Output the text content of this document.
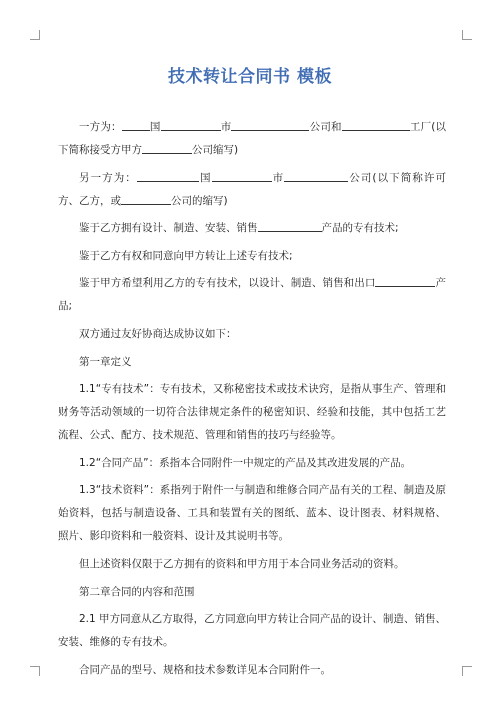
技术转让合同书 模板
一方为：	国	市	公司和	工厂(以下简称接受方甲方	公司缩写)
另一方为：	国	市	公司(以下简称许可方、乙方，或	公司的缩写)
鉴于乙方拥有设计、制造、安装、销售	产品的专有技术;
鉴于乙方有权和同意向甲方转让上述专有技术;
鉴于甲方希望利用乙方的专有技术，以设计、制造、销售和出口	产品;
双方通过友好协商达成协议如下：
第一章定义
1.1“专有技术”：专有技术，又称秘密技术或技术诀窍，是指从事生产、管理和财务等活动领域的一切符合法律规定条件的秘密知识、经验和技能，其中包括工艺流程、公式、配方、技术规范、管理和销售的技巧与经验等。
1.2“合同产品”：系指本合同附件一中规定的产品及其改进发展的产品。
1.3“技术资料”：系指列于附件一与制造和维修合同产品有关的工程、制造及原始资料，包括与制造设备、工具和装置有关的图纸、蓝本、设计图表、材料规格、照片、影印资料和一般资料、设计及其说明书等。
但上述资料仅限于乙方拥有的资料和甲方用于本合同业务活动的资料。
第二章合同的内容和范围
2.1 甲方同意从乙方取得，乙方同意向甲方转让合同产品的设计、制造、销售、安装、维修的专有技术。
合同产品的型号、规格和技术参数详见本合同附件一。
